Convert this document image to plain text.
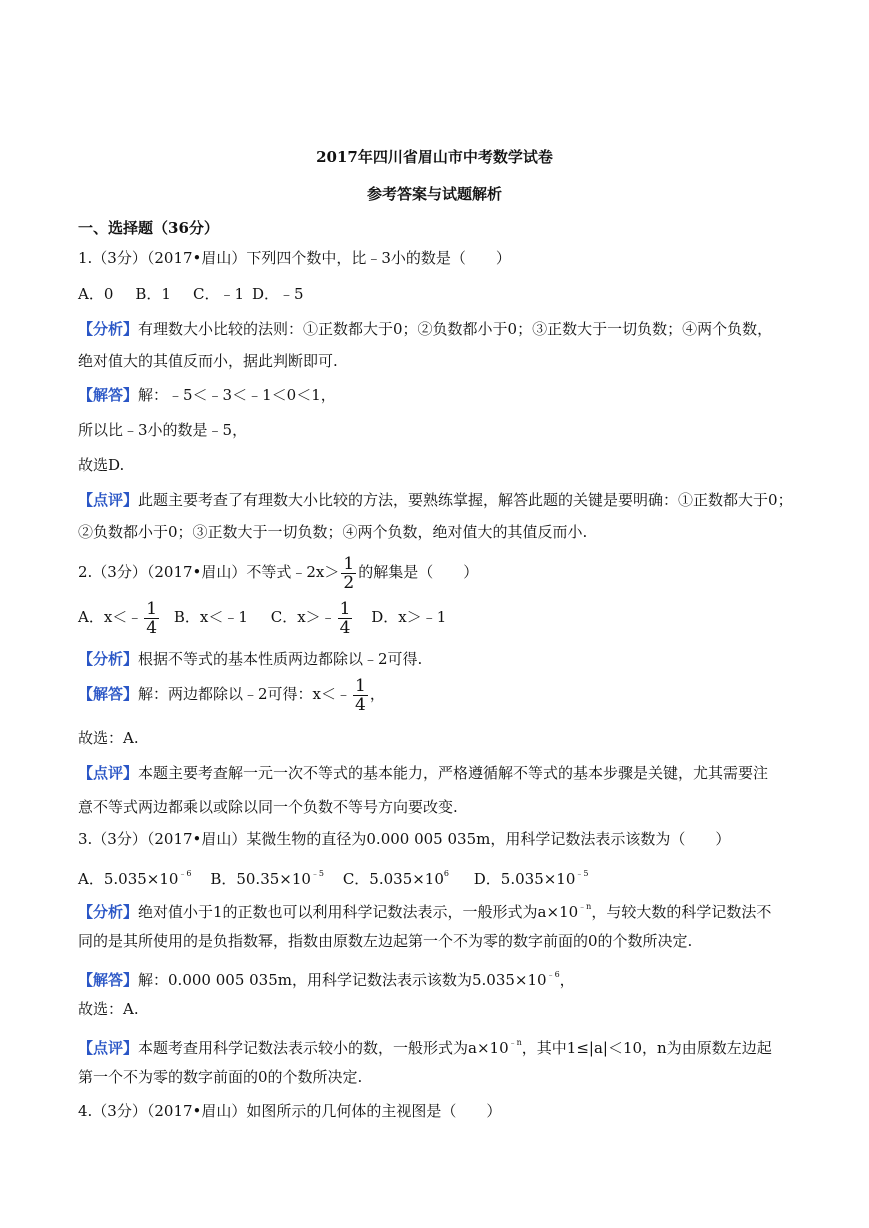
2017年四川省眉山市中考数学试卷
参考答案与试题解析
一、选择题（36分）
1.（3分）（2017•眉山）下列四个数中，比﹣3小的数是（　　）
A．0 B．1 C．﹣1 D．﹣5
【分析】有理数大小比较的法则：①正数都大于0；②负数都小于0；③正数大于一切负数；④两个负数，
绝对值大的其值反而小，据此判断即可.
【解答】解：﹣5＜﹣3＜﹣1＜0＜1，
所以比﹣3小的数是﹣5，
故选D.
【点评】此题主要考查了有理数大小比较的方法，要熟练掌握，解答此题的关键是要明确：①正数都大于0；
②负数都小于0；③正数大于一切负数；④两个负数，绝对值大的其值反而小.
2.（3分）（2017•眉山）不等式﹣2x＞ $\frac{1}{2}$ 的解集是（　　）
A．x＜﹣ $\frac{1}{4}$ B．x＜﹣1 C．x＞﹣ $\frac{1}{4}$ D．x＞﹣1
【分析】根据不等式的基本性质两边都除以﹣2可得.
【解答】解：两边都除以﹣2可得：x＜﹣ $\frac{1}{4}$ ，
故选：A.
【点评】本题主要考查解一元一次不等式的基本能力，严格遵循解不等式的基本步骤是关键，尤其需要注
意不等式两边都乘以或除以同一个负数不等号方向要改变.
3.（3分）（2017•眉山）某微生物的直径为0.000 005 035m，用科学记数法表示该数为（　　）
A．$5.035\times 10^{﹣6}$ B．$50.35\times 10^{﹣5}$ C．$5.035\times 10^6$ D．$5.035\times 10^{﹣5}$
【分析】绝对值小于1的正数也可以利用科学记数法表示，一般形式为$a\times 10^{﹣n}$，与较大数的科学记数法不
同的是其所使用的是负指数幂，指数由原数左边起第一个不为零的数字前面的0的个数所决定.
【解答】解：0.000 005 035m，用科学记数法表示该数为$5.035\times 10^{﹣6}$，
故选：A.
【点评】本题考查用科学记数法表示较小的数，一般形式为$a\times 10^{﹣n}$，其中1≤|a|＜10，n为由原数左边起
第一个不为零的数字前面的0的个数所决定.
4.（3分）（2017•眉山）如图所示的几何体的主视图是（　　）
